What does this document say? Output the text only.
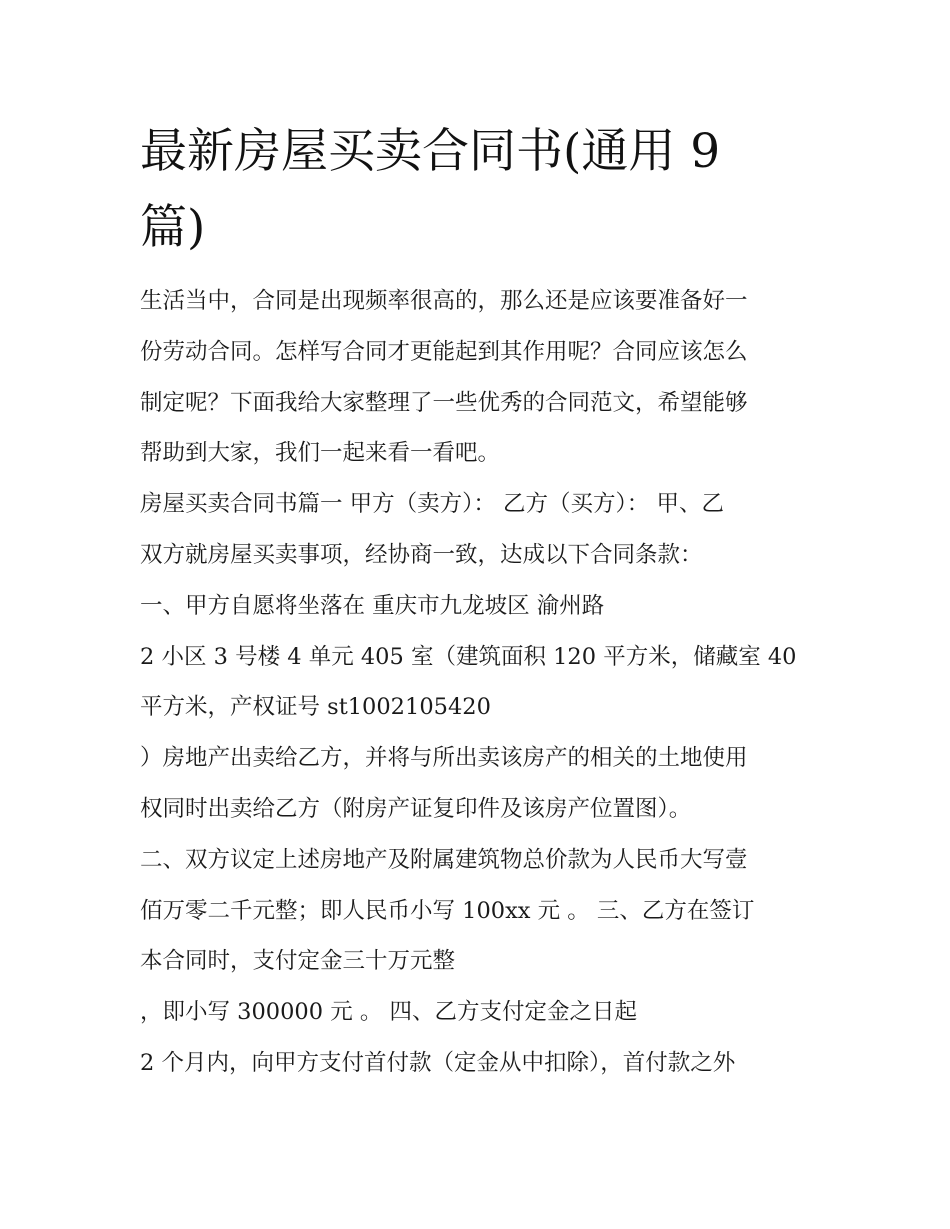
最新房屋买卖合同书(通用 9
篇)
生活当中，合同是出现频率很高的，那么还是应该要准备好一
份劳动合同。怎样写合同才更能起到其作用呢？合同应该怎么
制定呢？下面我给大家整理了一些优秀的合同范文，希望能够
帮助到大家，我们一起来看一看吧。
房屋买卖合同书篇一 甲方（卖方）： 乙方（买方）： 甲、乙
双方就房屋买卖事项，经协商一致，达成以下合同条款：
一、甲方自愿将坐落在 重庆市九龙坡区 渝州路
2 小区 3 号楼 4 单元 405 室（建筑面积 120 平方米，储藏室 40
平方米，产权证号 st1002105420
）房地产出卖给乙方，并将与所出卖该房产的相关的土地使用
权同时出卖给乙方（附房产证复印件及该房产位置图）。
二、双方议定上述房地产及附属建筑物总价款为人民币大写壹
佰万零二千元整；即人民币小写 100xx 元 。 三、乙方在签订
本合同时，支付定金三十万元整
，即小写 300000 元 。 四、乙方支付定金之日起
2 个月内，向甲方支付首付款（定金从中扣除），首付款之外
